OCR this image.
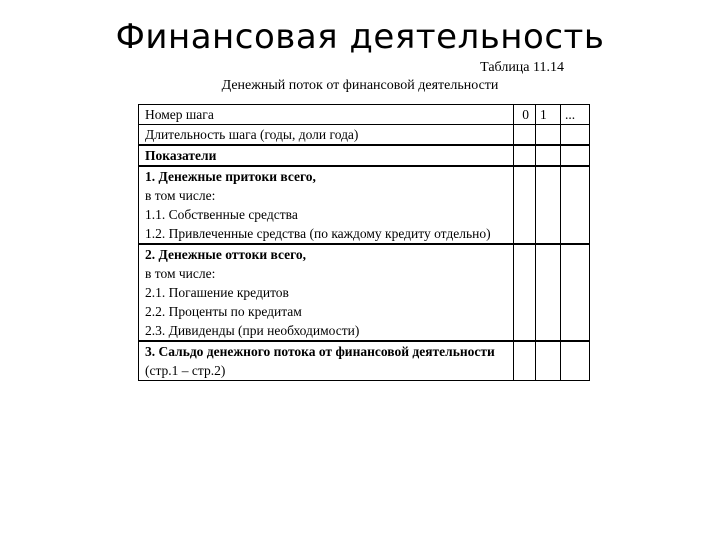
Финансовая деятельность
Таблица 11.14
Денежный поток от финансовой деятельности
Номер шага	0	1	...
Длительность шага (годы, доли года)			
Показатели			

1. Денежные притоки всего,
в том числе:
1.1. Собственные средства
1.2. Привлеченные средства (по каждому кредиту отдельно)			

2. Денежные оттоки всего,
в том числе:
2.1. Погашение кредитов
2.2. Проценты по кредитам
2.3. Дивиденды (при необходимости)			

3. Сальдо денежного потока от финансовой деятельности
(стр.1 – стр.2)			
